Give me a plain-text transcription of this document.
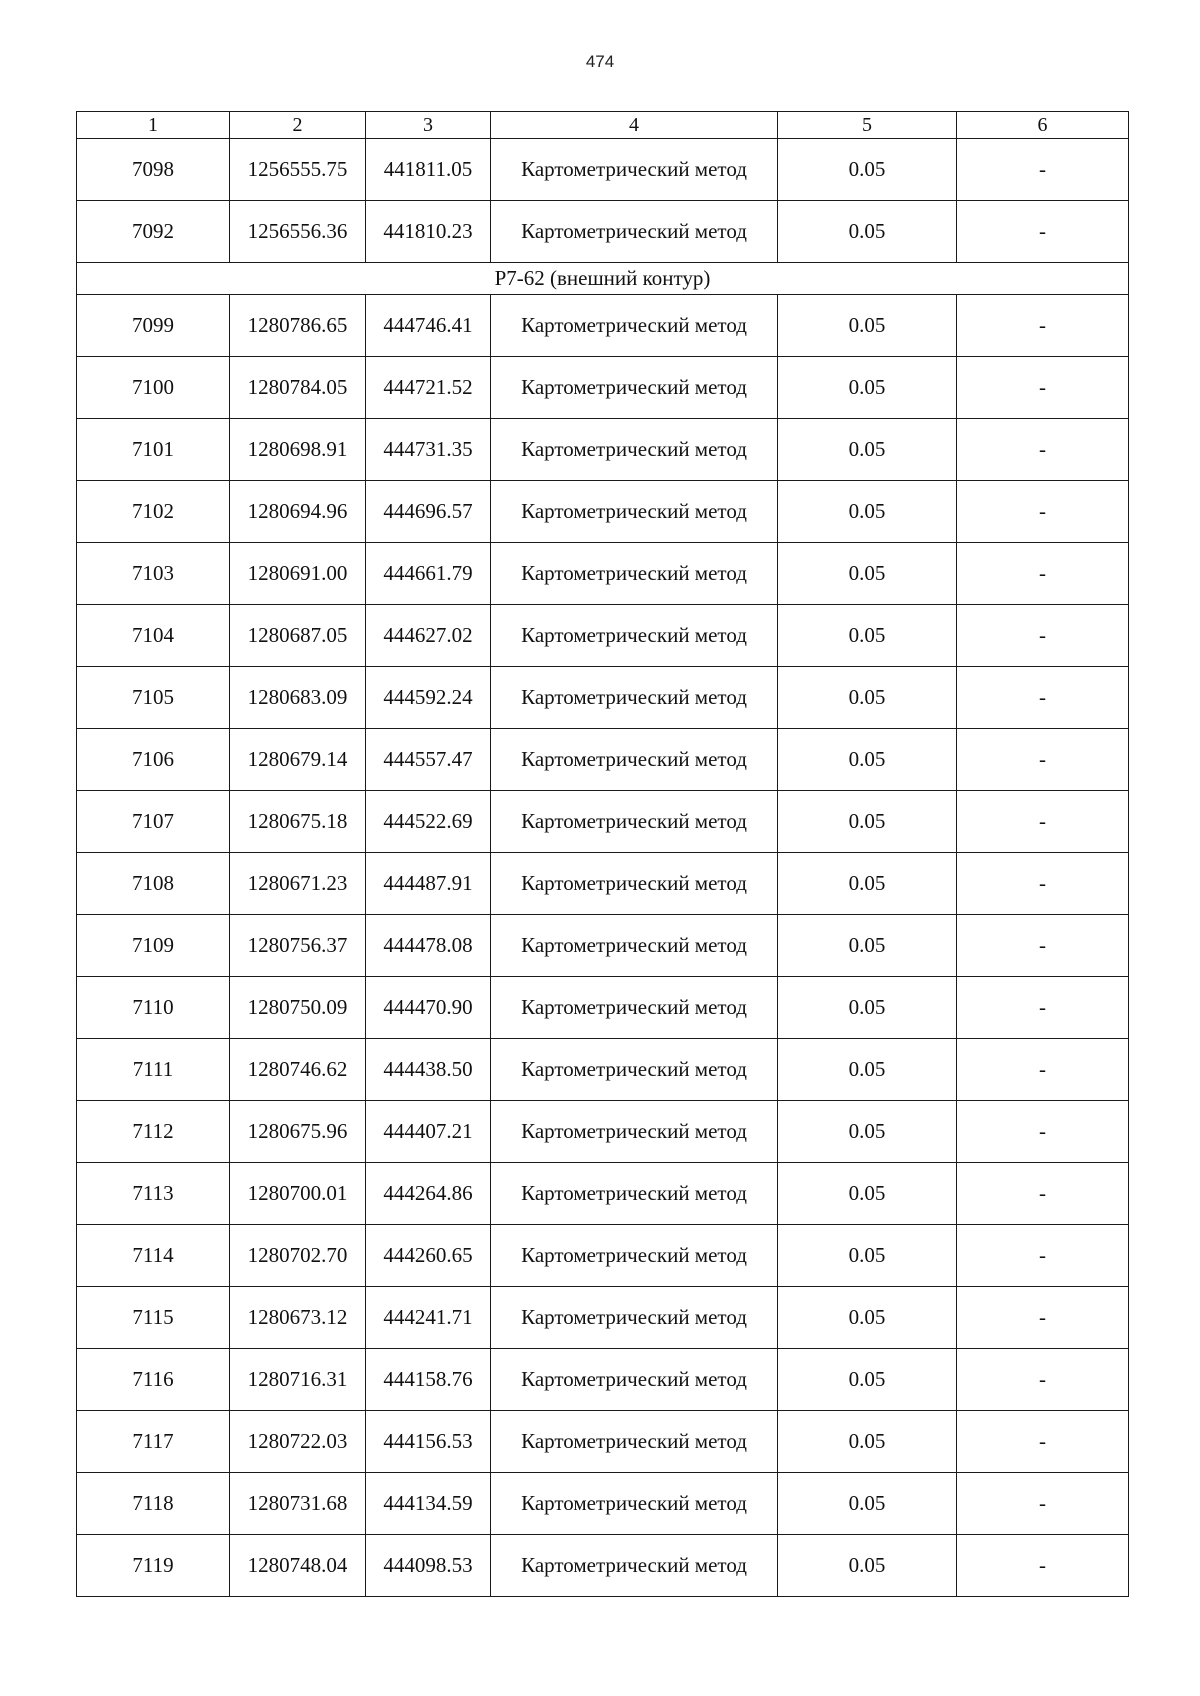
474
1	2	3	4	5	6
7098	1256555.75	441811.05	Картометрический метод	0.05	-
7092	1256556.36	441810.23	Картометрический метод	0.05	-
Р7-62 (внешний контур)					
7099	1280786.65	444746.41	Картометрический метод	0.05	-
7100	1280784.05	444721.52	Картометрический метод	0.05	-
7101	1280698.91	444731.35	Картометрический метод	0.05	-
7102	1280694.96	444696.57	Картометрический метод	0.05	-
7103	1280691.00	444661.79	Картометрический метод	0.05	-
7104	1280687.05	444627.02	Картометрический метод	0.05	-
7105	1280683.09	444592.24	Картометрический метод	0.05	-
7106	1280679.14	444557.47	Картометрический метод	0.05	-
7107	1280675.18	444522.69	Картометрический метод	0.05	-
7108	1280671.23	444487.91	Картометрический метод	0.05	-
7109	1280756.37	444478.08	Картометрический метод	0.05	-
7110	1280750.09	444470.90	Картометрический метод	0.05	-
7111	1280746.62	444438.50	Картометрический метод	0.05	-
7112	1280675.96	444407.21	Картометрический метод	0.05	-
7113	1280700.01	444264.86	Картометрический метод	0.05	-
7114	1280702.70	444260.65	Картометрический метод	0.05	-
7115	1280673.12	444241.71	Картометрический метод	0.05	-
7116	1280716.31	444158.76	Картометрический метод	0.05	-
7117	1280722.03	444156.53	Картометрический метод	0.05	-
7118	1280731.68	444134.59	Картометрический метод	0.05	-
7119	1280748.04	444098.53	Картометрический метод	0.05	-
